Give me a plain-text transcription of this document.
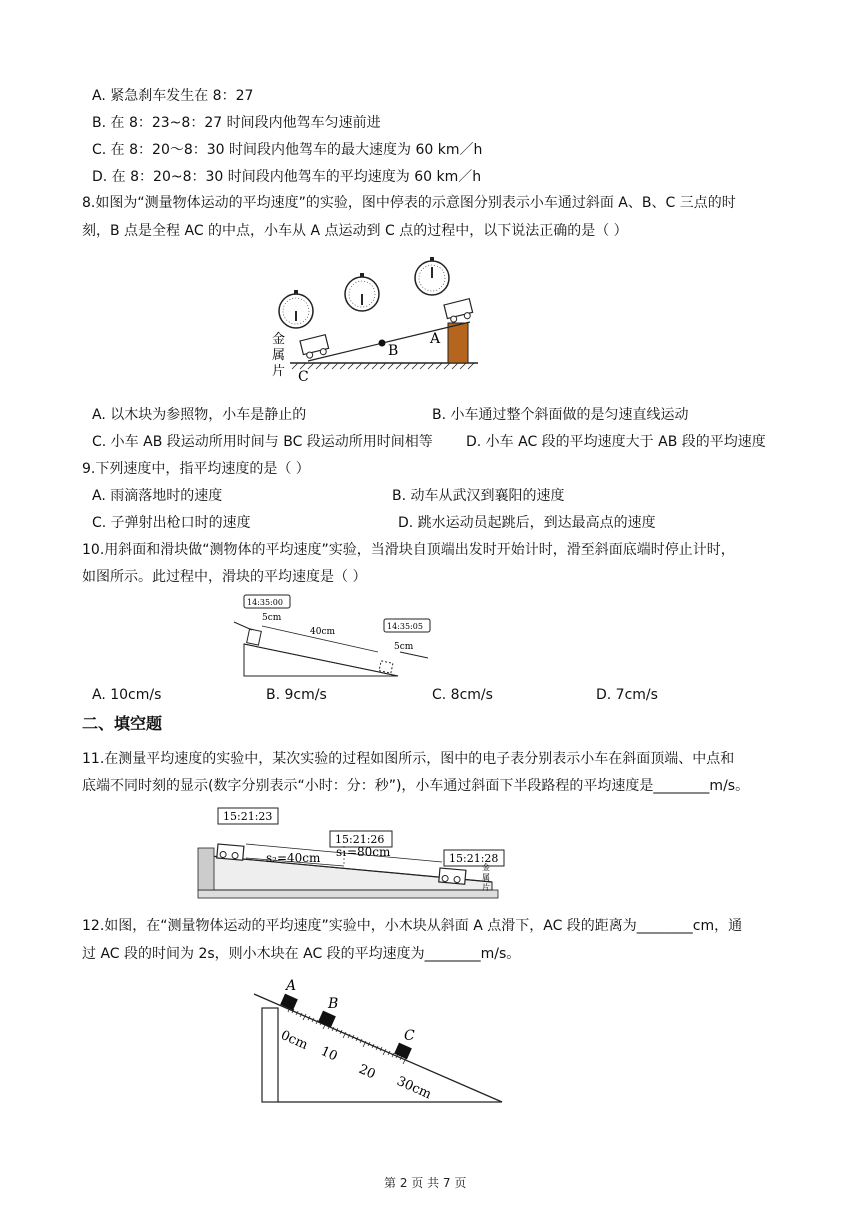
A. 紧急刹车发生在 8：27
B. 在 8：23~8：27 时间段内他驾车匀速前进
C. 在 8：20～8：30 时间段内他驾车的最大速度为 60 km／h
D. 在 8：20~8：30 时间段内他驾车的平均速度为 60 km／h
8.如图为“测量物体运动的平均速度”的实验，图中停表的示意图分别表示小车通过斜面 A、B、C 三点的时
刻，B 点是全程 AC 的中点，小车从 A 点运动到 C 点的过程中，以下说法正确的是（ ）
B
A
C
金
属
片
A. 以木块为参照物，小车是静止的	B. 小车通过整个斜面做的是匀速直线运动
C. 小车 AB 段运动所用时间与 BC 段运动所用时间相等 D. 小车 AC 段的平均速度大于 AB 段的平均速度
9.下列速度中，指平均速度的是（ ）
A. 雨滴落地时的速度	B. 动车从武汉到襄阳的速度
C. 子弹射出枪口时的速度	D. 跳水运动员起跳后，到达最高点的速度
10.用斜面和滑块做“测物体的平均速度”实验，当滑块自顶端出发时开始计时，滑至斜面底端时停止计时，
如图所示。此过程中，滑块的平均速度是（ ）
14:35:00
14:35:05
5cm
40cm
5cm
A. 10cm/s	B. 9cm/s	C. 8cm/s	D. 7cm/s
二、填空题
11.在测量平均速度的实验中，某次实验的过程如图所示，图中的电子表分别表示小车在斜面顶端、中点和
底端不同时刻的显示(数字分别表示“小时：分：秒”)，小车通过斜面下半段路程的平均速度是________m/s。
15:21:23
15:21:26
15:21:28
s₁=80cm
s₂=40cm
金
属
片
12.如图，在“测量物体运动的平均速度”实验中，小木块从斜面 A 点滑下，AC 段的距离为________cm，通
过 AC 段的时间为 2s，则小木块在 AC 段的平均速度为________m/s。
A
B
C
0cm
10
20
30cm
第 2 页 共 7 页
